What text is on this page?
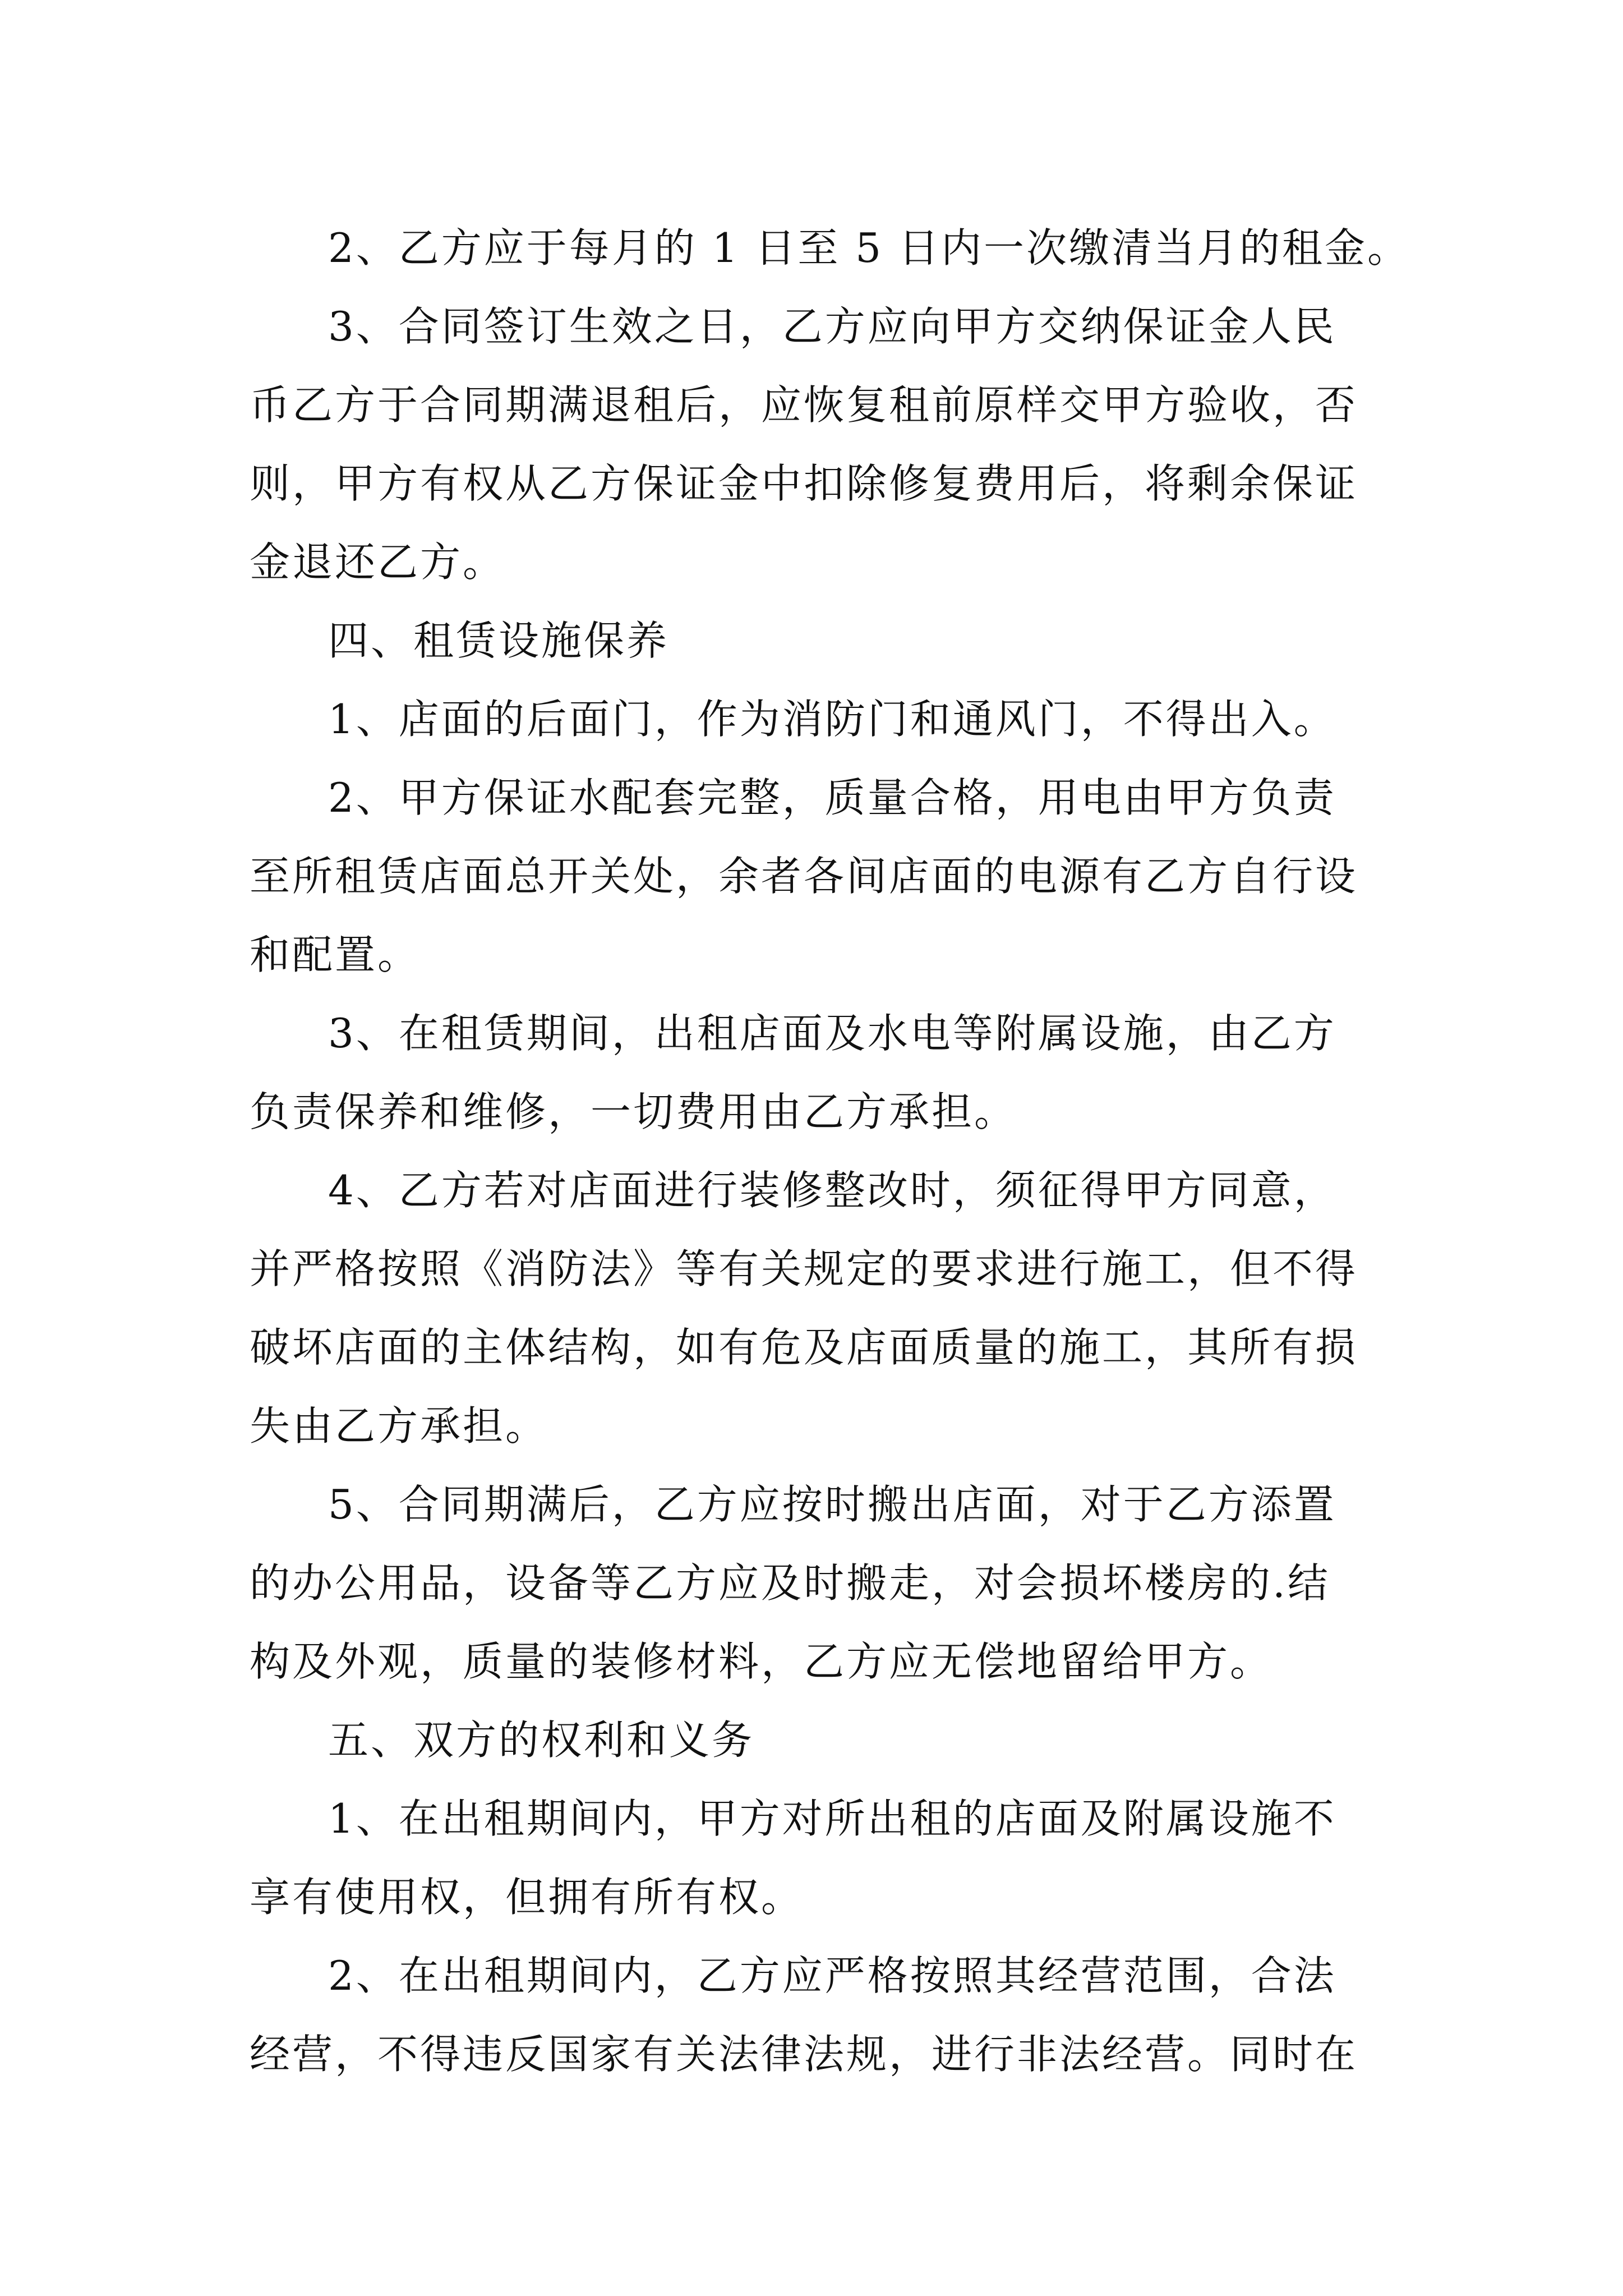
2、乙方应于每月的 1 日至 5 日内一次缴清当月的租金。

3、合同签订生效之日，乙方应向甲方交纳保证金人民
币乙方于合同期满退租后，应恢复租前原样交甲方验收，否
则，甲方有权从乙方保证金中扣除修复费用后，将剩余保证
金退还乙方。

四、租赁设施保养

1、店面的后面门，作为消防门和通风门，不得出入。

2、甲方保证水配套完整，质量合格，用电由甲方负责
至所租赁店面总开关处，余者各间店面的电源有乙方自行设
和配置。

3、在租赁期间，出租店面及水电等附属设施，由乙方
负责保养和维修，一切费用由乙方承担。

4、乙方若对店面进行装修整改时，须征得甲方同意，
并严格按照《消防法》等有关规定的要求进行施工，但不得
破坏店面的主体结构，如有危及店面质量的施工，其所有损
失由乙方承担。

5、合同期满后，乙方应按时搬出店面，对于乙方添置
的办公用品，设备等乙方应及时搬走，对会损坏楼房的.结
构及外观，质量的装修材料，乙方应无偿地留给甲方。

五、双方的权利和义务

1、在出租期间内，甲方对所出租的店面及附属设施不
享有使用权，但拥有所有权。

2、在出租期间内，乙方应严格按照其经营范围，合法
经营，不得违反国家有关法律法规，进行非法经营。同时在
